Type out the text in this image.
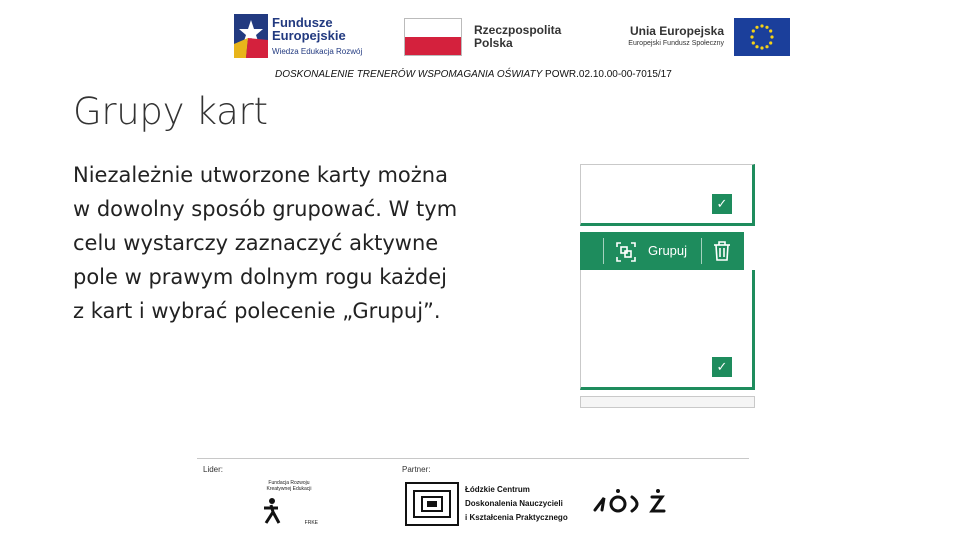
Fundusze
Europejskie
Wiedza Edukacja Rozwój
Rzeczpospolita
Polska
Unia Europejska
Europejski Fundusz Społeczny
DOSKONALENIE TRENERÓW WSPOMAGANIA OŚWIATY POWR.02.10.00-00-7015/17
Grupy kart
Niezależnie utworzone karty można
w dowolny sposób grupować. W tym
celu wystarczy zaznaczyć aktywne
pole w prawym dolnym rogu każdej
z kart i wybrać polecenie „Grupuj”.
✓
Grupuj
✓
Lider:	Partner:
Fundacja Rozwoju Kreatywnej Edukacji
FRKE
Łódzkie Centrum
Doskonalenia Nauczycieli
i Kształcenia Praktycznego
